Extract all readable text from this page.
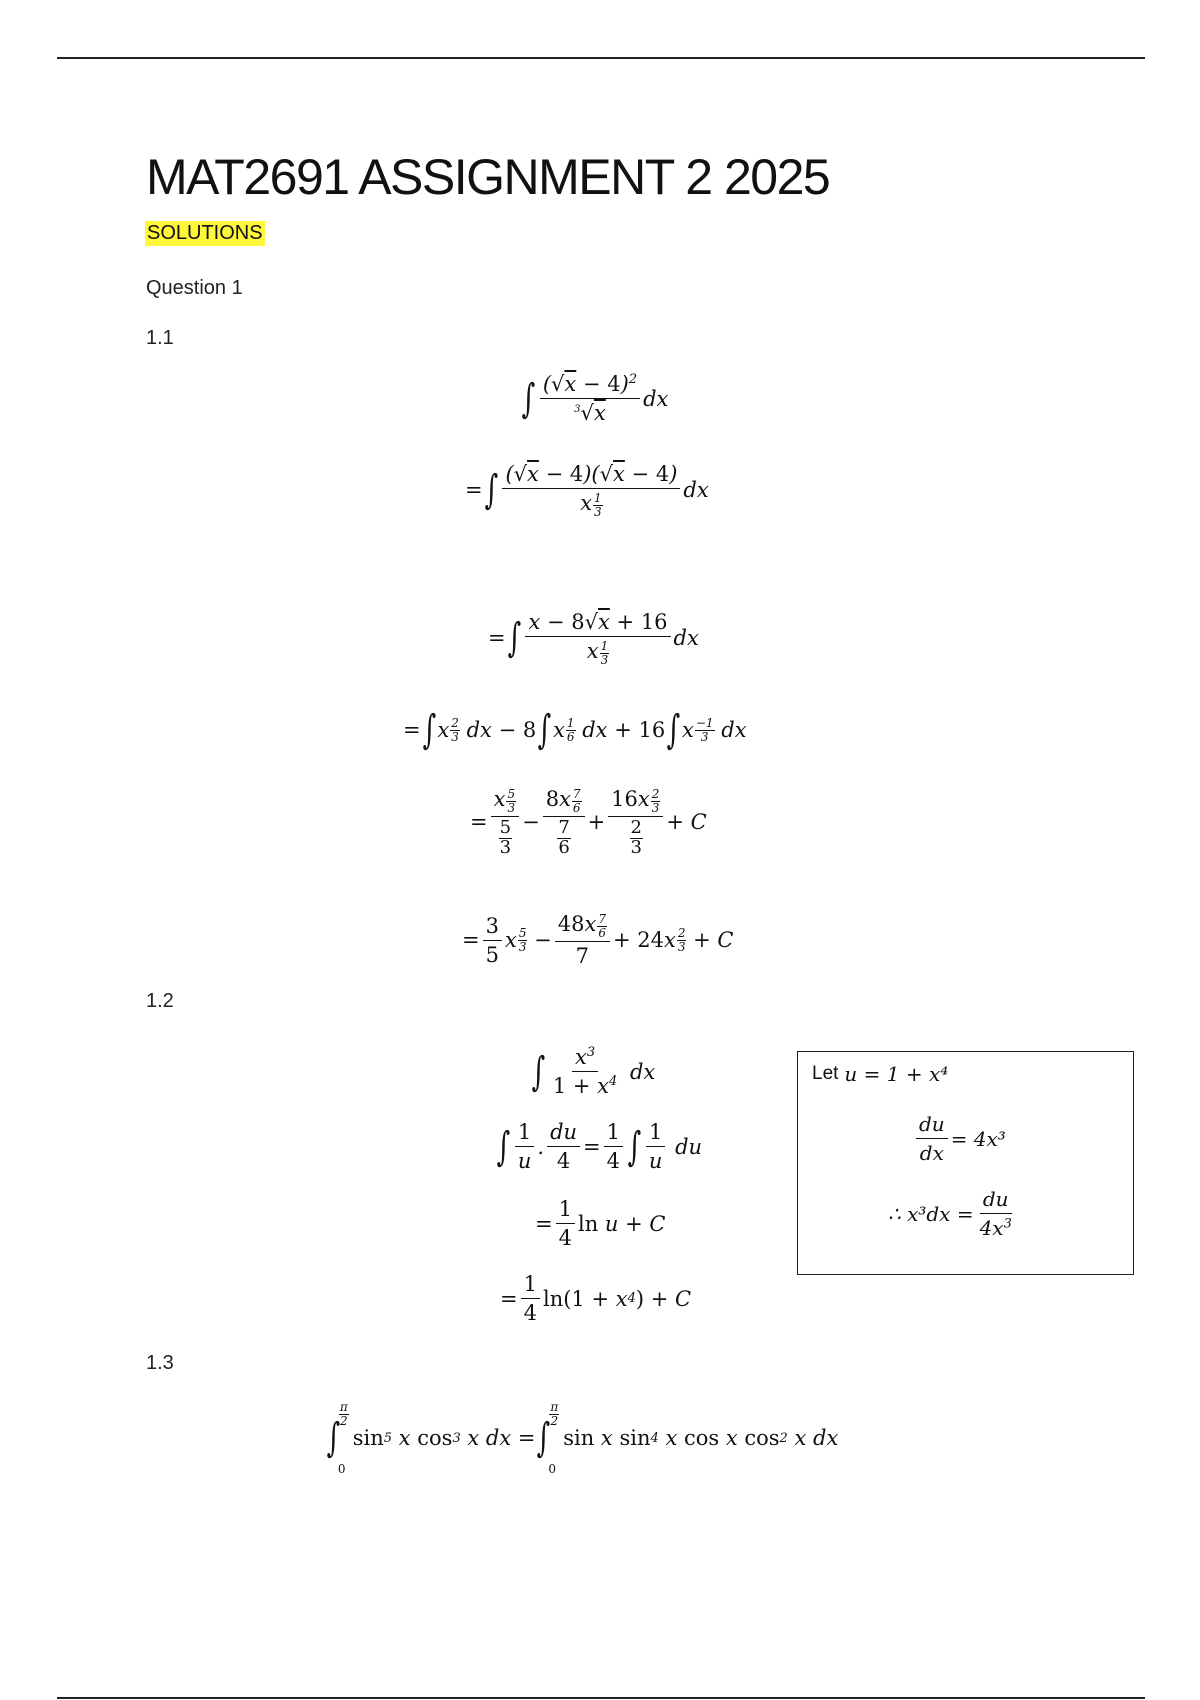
MAT2691 ASSIGNMENT 2 2025
SOLUTIONS
Question 1
1.1
∫ $\frac{(√x - 4)^2}{^3√x}$ dx
= ∫ $\frac{(√x - 4)(√x - 4)}{x \frac{1}{3}}$ dx
= ∫ $\frac{x - 8√x + 16}{x \frac{1}{3}}$ dx
= ∫ x 2
3 dx − 8 ∫ x 1
6 dx + 16 ∫ x −1
3 dx
= $\frac{x \frac{5}{3}}{\frac{5}{3}} - \frac{8x \frac{7}{6}}{\frac{7}{6}} + \frac{16x \frac{2}{3}}{\frac{2}{3}} + C$
= $\frac{3}{5}$ x 5
$3 - \frac{48x \frac{7}{6}}{7} + 24$ x 2
3 + C
1.2
∫ $\frac{x^3}{1 + x^4}$ dx
∫ $\frac{1}{u}$ . $\frac{du}{4} = \frac{1}{4}$ ∫ $\frac{1}{u}$ du
= $\frac{1}{4}$ ln u + C
= $\frac{1}{4} \ln(1 + x$ 4 ) + C
Let u = 1 + x⁴
$\frac{du}{dx} = 4x^3$
∴ $x^3dx = \frac{du}{4x^3}$
1.3
∫
$\frac{\pi}{2}$
0
sin 5 x cos 3 x dx = ∫
$\frac{\pi}{2}$
0
sin x sin 4 x cos x cos 2 x dx
